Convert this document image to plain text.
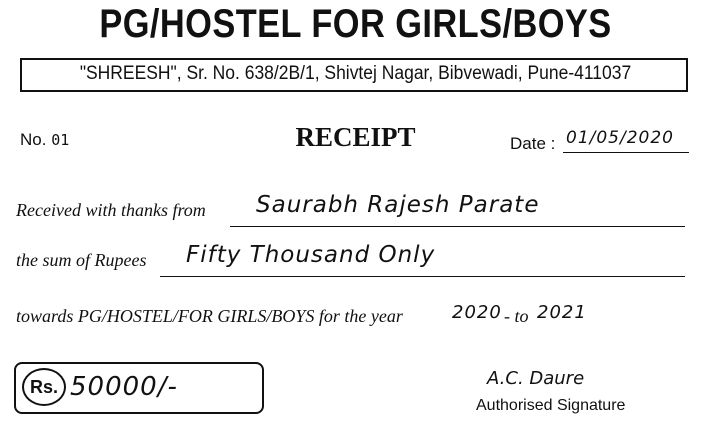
PG/HOSTEL FOR GIRLS/BOYS
"SHREESH", Sr. No. 638/2B/1, Shivtej Nagar, Bibvewadi, Pune-411037
No. 01	RECEIPT	Date : 01/05/2020
Received with thanks from Saurabh Rajesh Parate
the sum of Rupees Fifty Thousand Only
towards PG/HOSTEL/FOR GIRLS/BOYS for the year	2020 - to 2021
Rs. 50000/-	A.C. Daure
Authorised Signature
